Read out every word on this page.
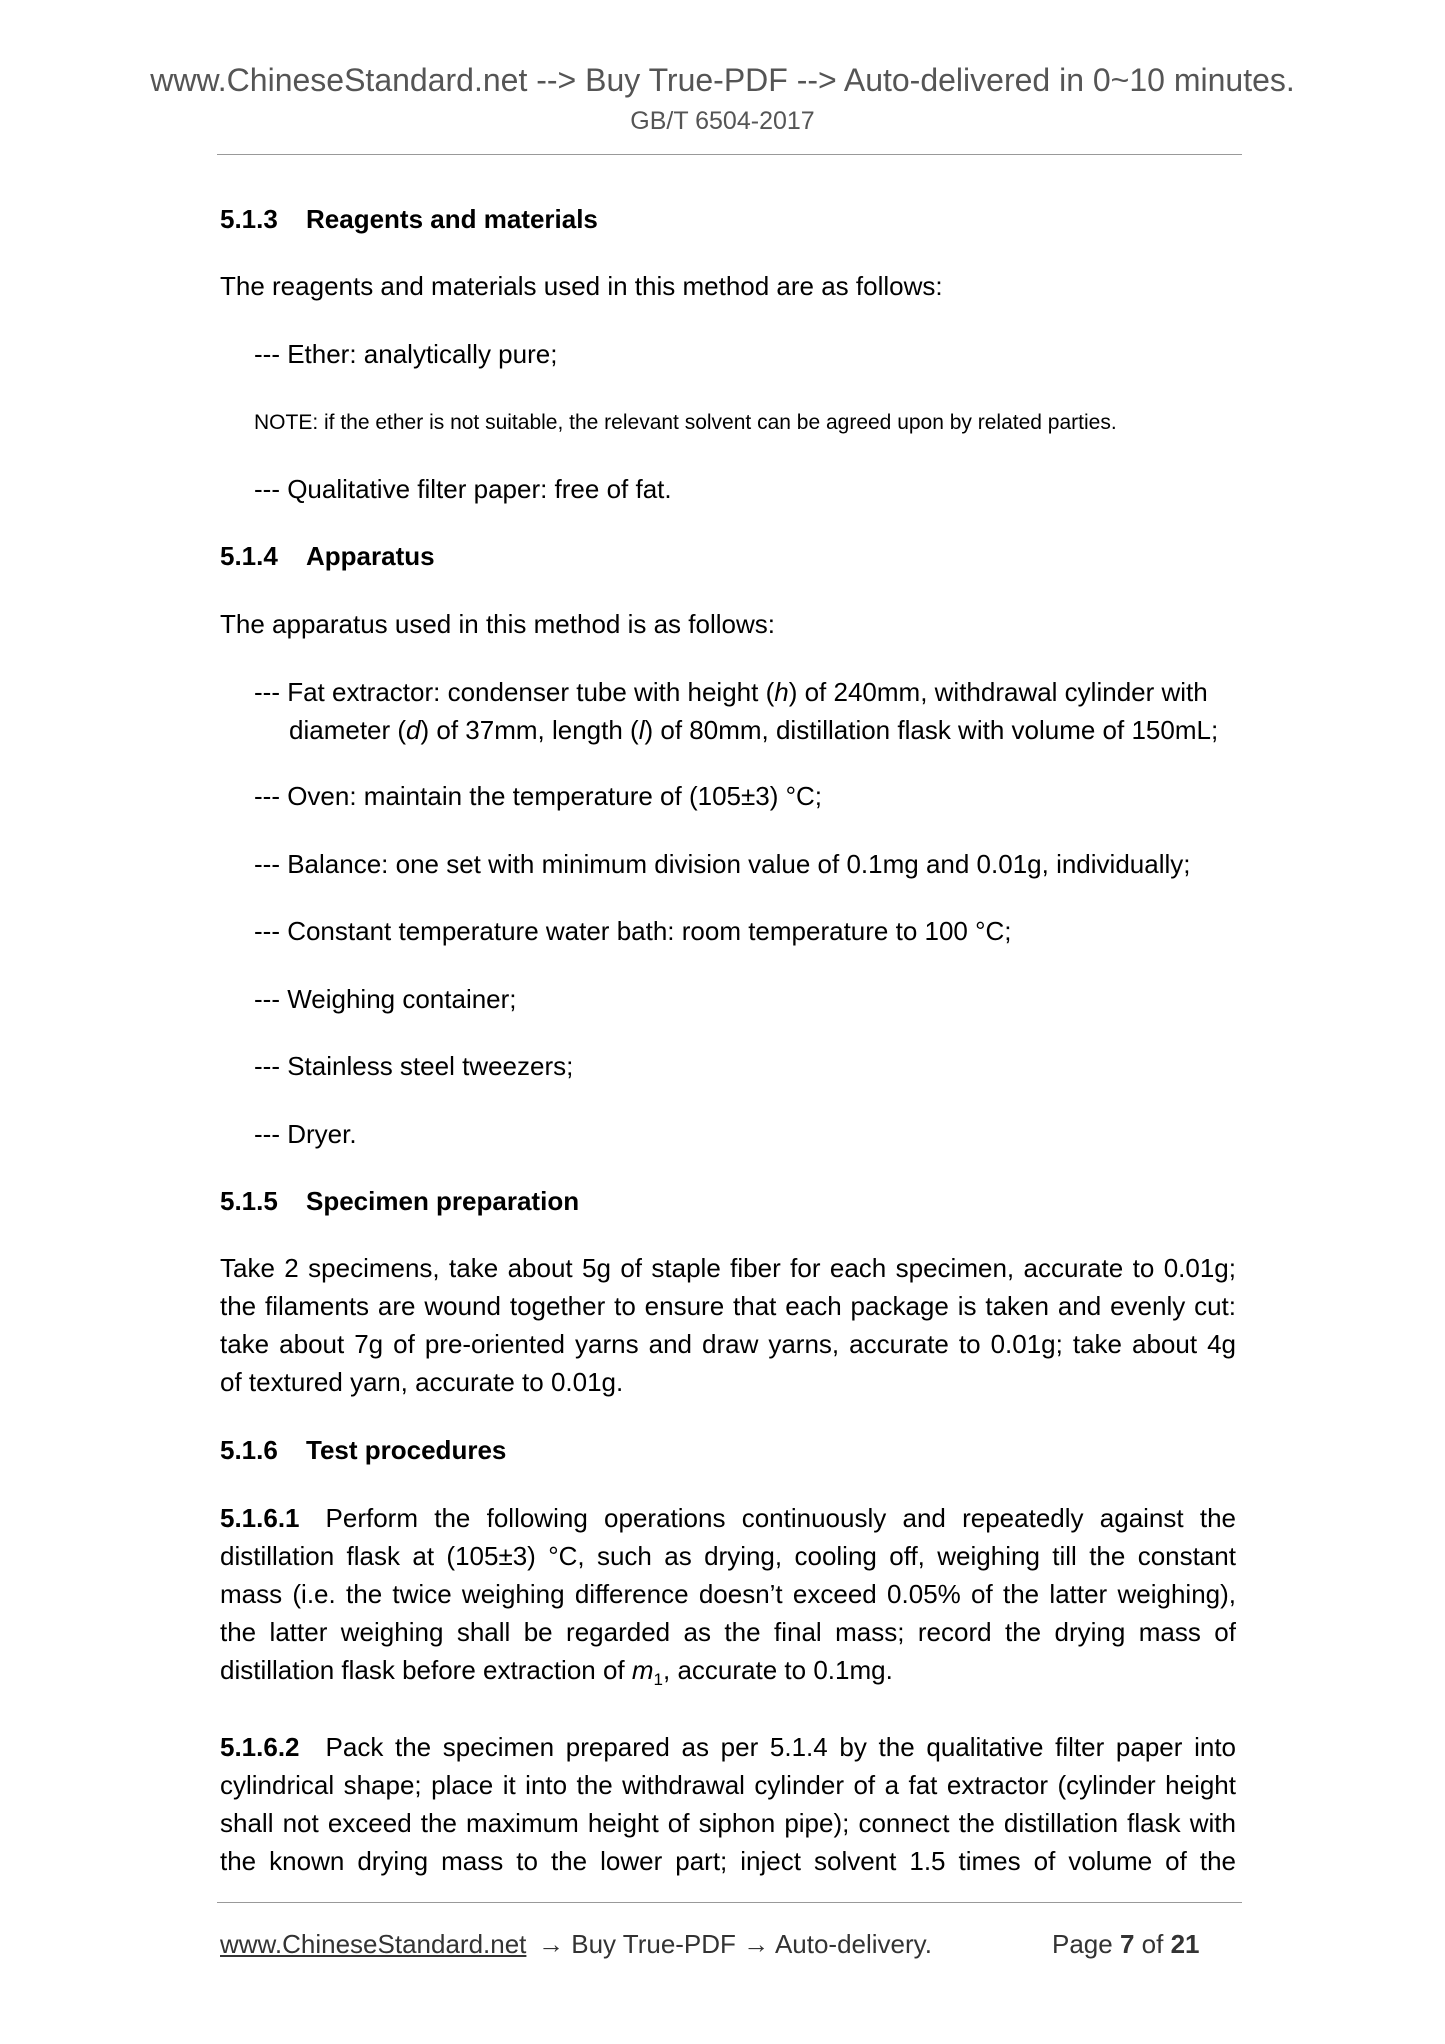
www.ChineseStandard.net --> Buy True-PDF --> Auto-delivered in 0~10 minutes.
GB/T 6504-2017
5.1.3 Reagents and materials
The reagents and materials used in this method are as follows:
--- Ether: analytically pure;
NOTE: if the ether is not suitable, the relevant solvent can be agreed upon by related parties.
--- Qualitative filter paper: free of fat.
5.1.4 Apparatus
The apparatus used in this method is as follows:
--- Fat extractor: condenser tube with height (h) of 240mm, withdrawal cylinder with
diameter (d) of 37mm, length (l) of 80mm, distillation flask with volume of 150mL;
--- Oven: maintain the temperature of (105±3) °C;
--- Balance: one set with minimum division value of 0.1mg and 0.01g, individually;
--- Constant temperature water bath: room temperature to 100 °C;
--- Weighing container;
--- Stainless steel tweezers;
--- Dryer.
5.1.5 Specimen preparation
Take 2 specimens, take about 5g of staple fiber for each specimen, accurate to 0.01g;
the filaments are wound together to ensure that each package is taken and evenly cut:
take about 7g of pre-oriented yarns and draw yarns, accurate to 0.01g; take about 4g
of textured yarn, accurate to 0.01g.
5.1.6 Test procedures
5.1.6.1  Perform the following operations continuously and repeatedly against the
distillation flask at (105±3) °C, such as drying, cooling off, weighing till the constant
mass (i.e. the twice weighing difference doesn’t exceed 0.05% of the latter weighing),
the latter weighing shall be regarded as the final mass; record the drying mass of
distillation flask before extraction of $m_1$, accurate to 0.1mg.
5.1.6.2  Pack the specimen prepared as per 5.1.4 by the qualitative filter paper into
cylindrical shape; place it into the withdrawal cylinder of a fat extractor (cylinder height
shall not exceed the maximum height of siphon pipe); connect the distillation flask with
the known drying mass to the lower part; inject solvent 1.5 times of volume of the
www.ChineseStandard.net → Buy True-PDF → Auto-delivery.	Page 7 of 21
